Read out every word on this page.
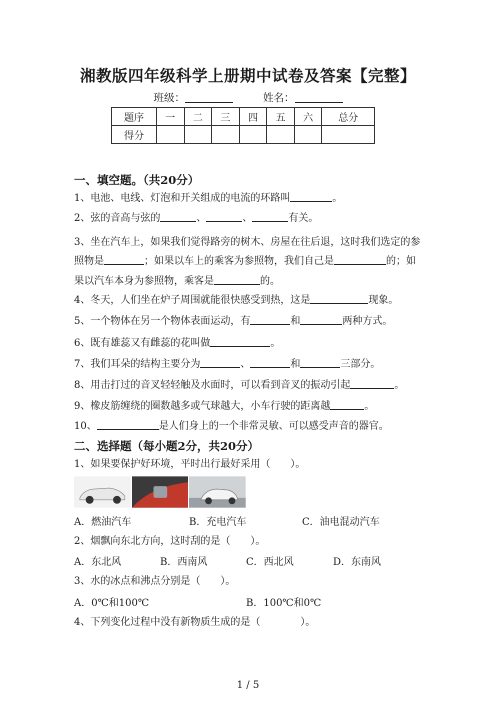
湘教版四年级科学上册期中试卷及答案【完整】
班级：	姓名：
题序	一	二	三	四	五	六	总分
得分							
一、填空题。（共20分）
1、电池、电线、灯泡和开关组成的电流的环路叫	。
2、弦的音高与弦的	、	、	有关。
3、坐在汽车上，如果我们觉得路旁的树木、房屋在往后退，这时我们选定的参
照物是	；如果以车上的乘客为参照物，我们自己是	的；如
果以汽车本身为参照物，乘客是	的。
4、冬天，人们坐在炉子周围就能很快感受到热，这是	现象。
5、一个物体在另一个物体表面运动，有	和	两种方式。
6、既有雄蕊又有雌蕊的花叫做	。
7、我们耳朵的结构主要分为	、	和	三部分。
8、用击打过的音叉轻轻触及水面时，可以看到音叉的振动引起	。
9、橡皮筋缠绕的圈数越多或气球越大，小车行驶的距离越	。
10、	是人们身上的一个非常灵敏、可以感受声音的器官。
二、选择题（每小题2分，共20分）
1、如果要保护好环境，平时出行最好采用（　　）。
A．燃油汽车	B．充电汽车	C．油电混动汽车
2、烟飘向东北方向，这时刮的是（　　）。
A．东北风	B．西南风	C．西北风	D．东南风
3、水的冰点和沸点分别是（　　）。
A．0℃和100℃	B．100℃和0℃
4、下列变化过程中没有新物质生成的是（　　　　）。
1 / 5
